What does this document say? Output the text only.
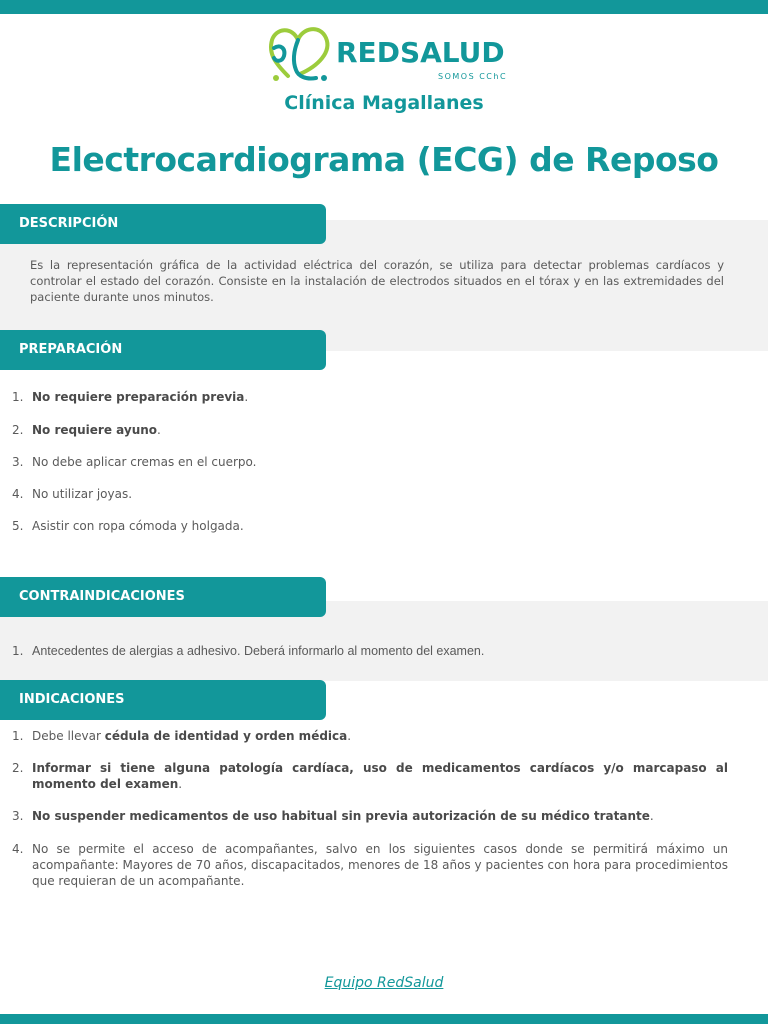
REDSALUD
SOMOS CChC
Clínica Magallanes
Electrocardiograma (ECG) de Reposo
DESCRIPCIÓN
Es la representación gráfica de la actividad eléctrica del corazón, se utiliza para detectar problemas cardíacos y controlar el estado del corazón. Consiste en la instalación de electrodos situados en el tórax y en las extremidades del paciente durante unos minutos.
PREPARACIÓN
1. No requiere preparación previa.
2. No requiere ayuno.
3. No debe aplicar cremas en el cuerpo.
4. No utilizar joyas.
5. Asistir con ropa cómoda y holgada.
CONTRAINDICACIONES
1. Antecedentes de alergias a adhesivo. Deberá informarlo al momento del examen.
INDICACIONES
1. Debe llevar cédula de identidad y orden médica.
2. Informar si tiene alguna patología cardíaca, uso de medicamentos cardíacos y/o marcapaso al momento del examen.
3. No suspender medicamentos de uso habitual sin previa autorización de su médico tratante.
4. No se permite el acceso de acompañantes, salvo en los siguientes casos donde se permitirá máximo un acompañante: Mayores de 70 años, discapacitados, menores de 18 años y pacientes con hora para procedimientos que requieran de un acompañante.
Equipo RedSalud
